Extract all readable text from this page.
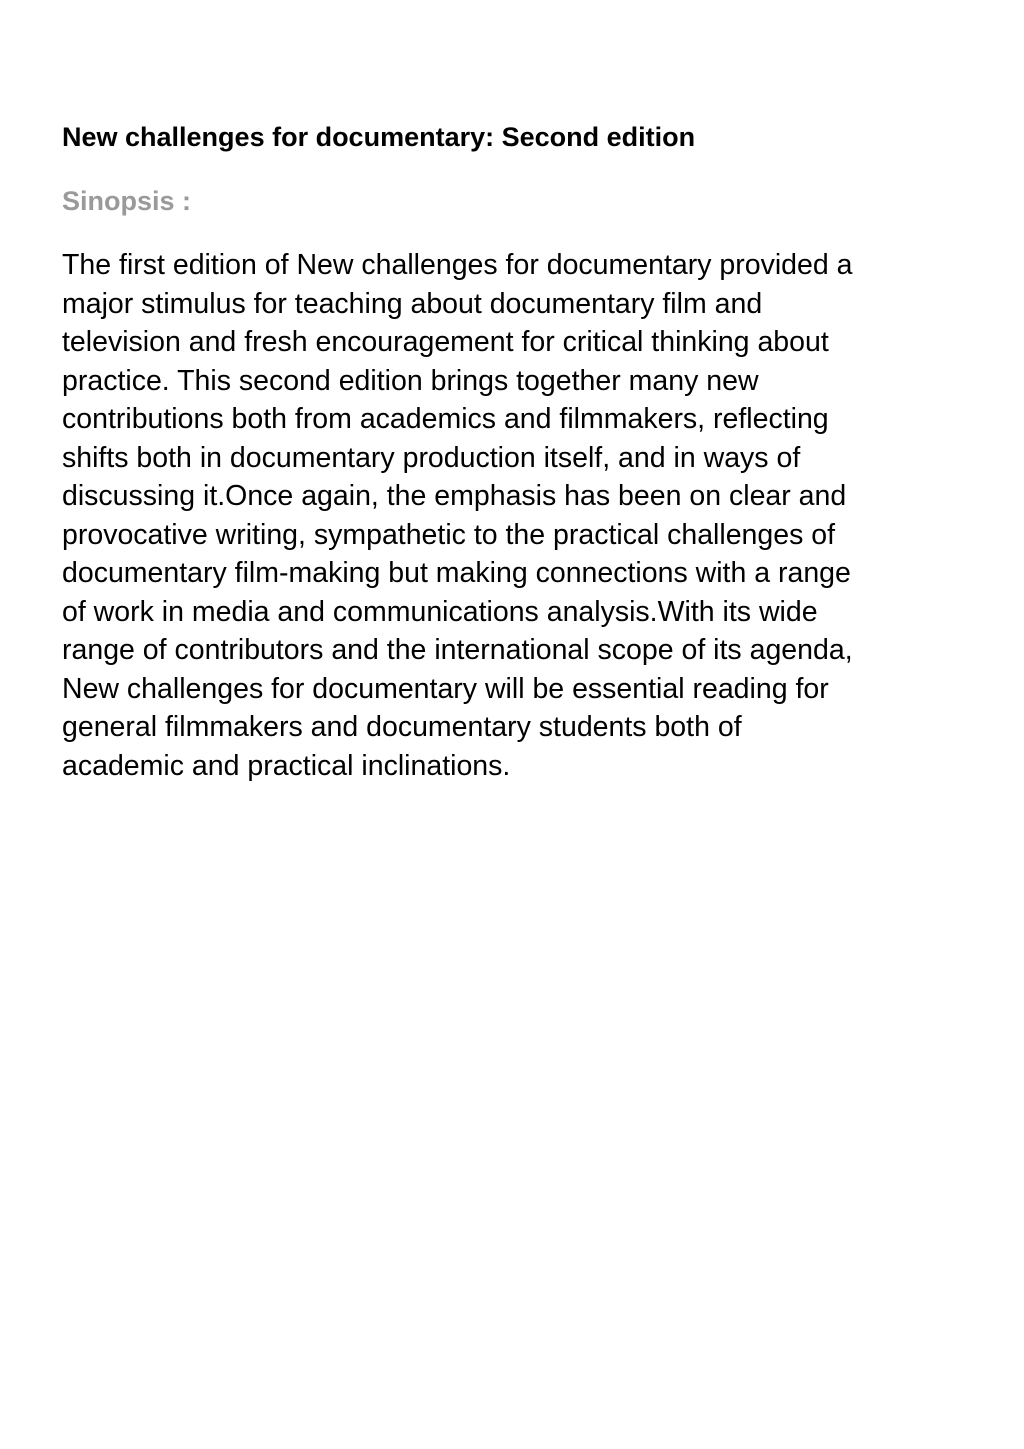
New challenges for documentary: Second edition
Sinopsis :

The first edition of New challenges for documentary provided a
major stimulus for teaching about documentary film and
television and fresh encouragement for critical thinking about
practice. This second edition brings together many new
contributions both from academics and filmmakers, reflecting
shifts both in documentary production itself, and in ways of
discussing it.Once again, the emphasis has been on clear and
provocative writing, sympathetic to the practical challenges of
documentary film-making but making connections with a range
of work in media and communications analysis.With its wide
range of contributors and the international scope of its agenda,
New challenges for documentary will be essential reading for
general filmmakers and documentary students both of
academic and practical inclinations.
